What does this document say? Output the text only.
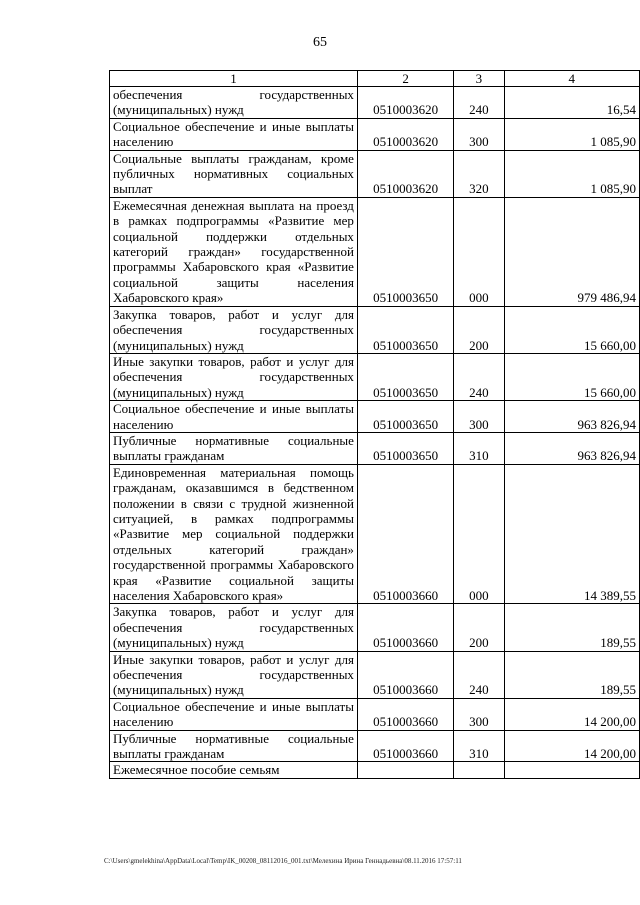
65
1	2	3	4
обеспечения государственных (муниципальных) нужд	0510003620	240	16,54
Социальное обеспечение и иные выплаты населению	0510003620	300	1 085,90
Социальные выплаты гражданам, кроме публичных нормативных социальных выплат	0510003620	320	1 085,90
Ежемесячная денежная выплата на проезд в рамках подпрограммы «Развитие мер социальной поддержки отдельных категорий граждан» государственной программы Хабаровского края «Развитие социальной защиты населения Хабаровского края»	0510003650	000	979 486,94
Закупка товаров, работ и услуг для обеспечения государственных (муниципальных) нужд	0510003650	200	15 660,00
Иные закупки товаров, работ и услуг для обеспечения государственных (муниципальных) нужд	0510003650	240	15 660,00
Социальное обеспечение и иные выплаты населению	0510003650	300	963 826,94
Публичные нормативные социальные выплаты гражданам	0510003650	310	963 826,94
Единовременная материальная помощь гражданам, оказавшимся в бедственном положении в связи с трудной жизненной ситуацией, в рамках подпрограммы «Развитие мер социальной поддержки отдельных категорий граждан» государственной программы Хабаровского края «Развитие социальной защиты населения Хабаровского края»	0510003660	000	14 389,55
Закупка товаров, работ и услуг для обеспечения государственных (муниципальных) нужд	0510003660	200	189,55
Иные закупки товаров, работ и услуг для обеспечения государственных (муниципальных) нужд	0510003660	240	189,55
Социальное обеспечение и иные выплаты населению	0510003660	300	14 200,00
Публичные нормативные социальные выплаты гражданам	0510003660	310	14 200,00
Ежемесячное пособие семьям			
C:\Users\gmelekhina\AppData\Local\Temp\IK_00208_08112016_001.txt\Мелехина Ирина Геннадьевна\08.11.2016 17:57:11
